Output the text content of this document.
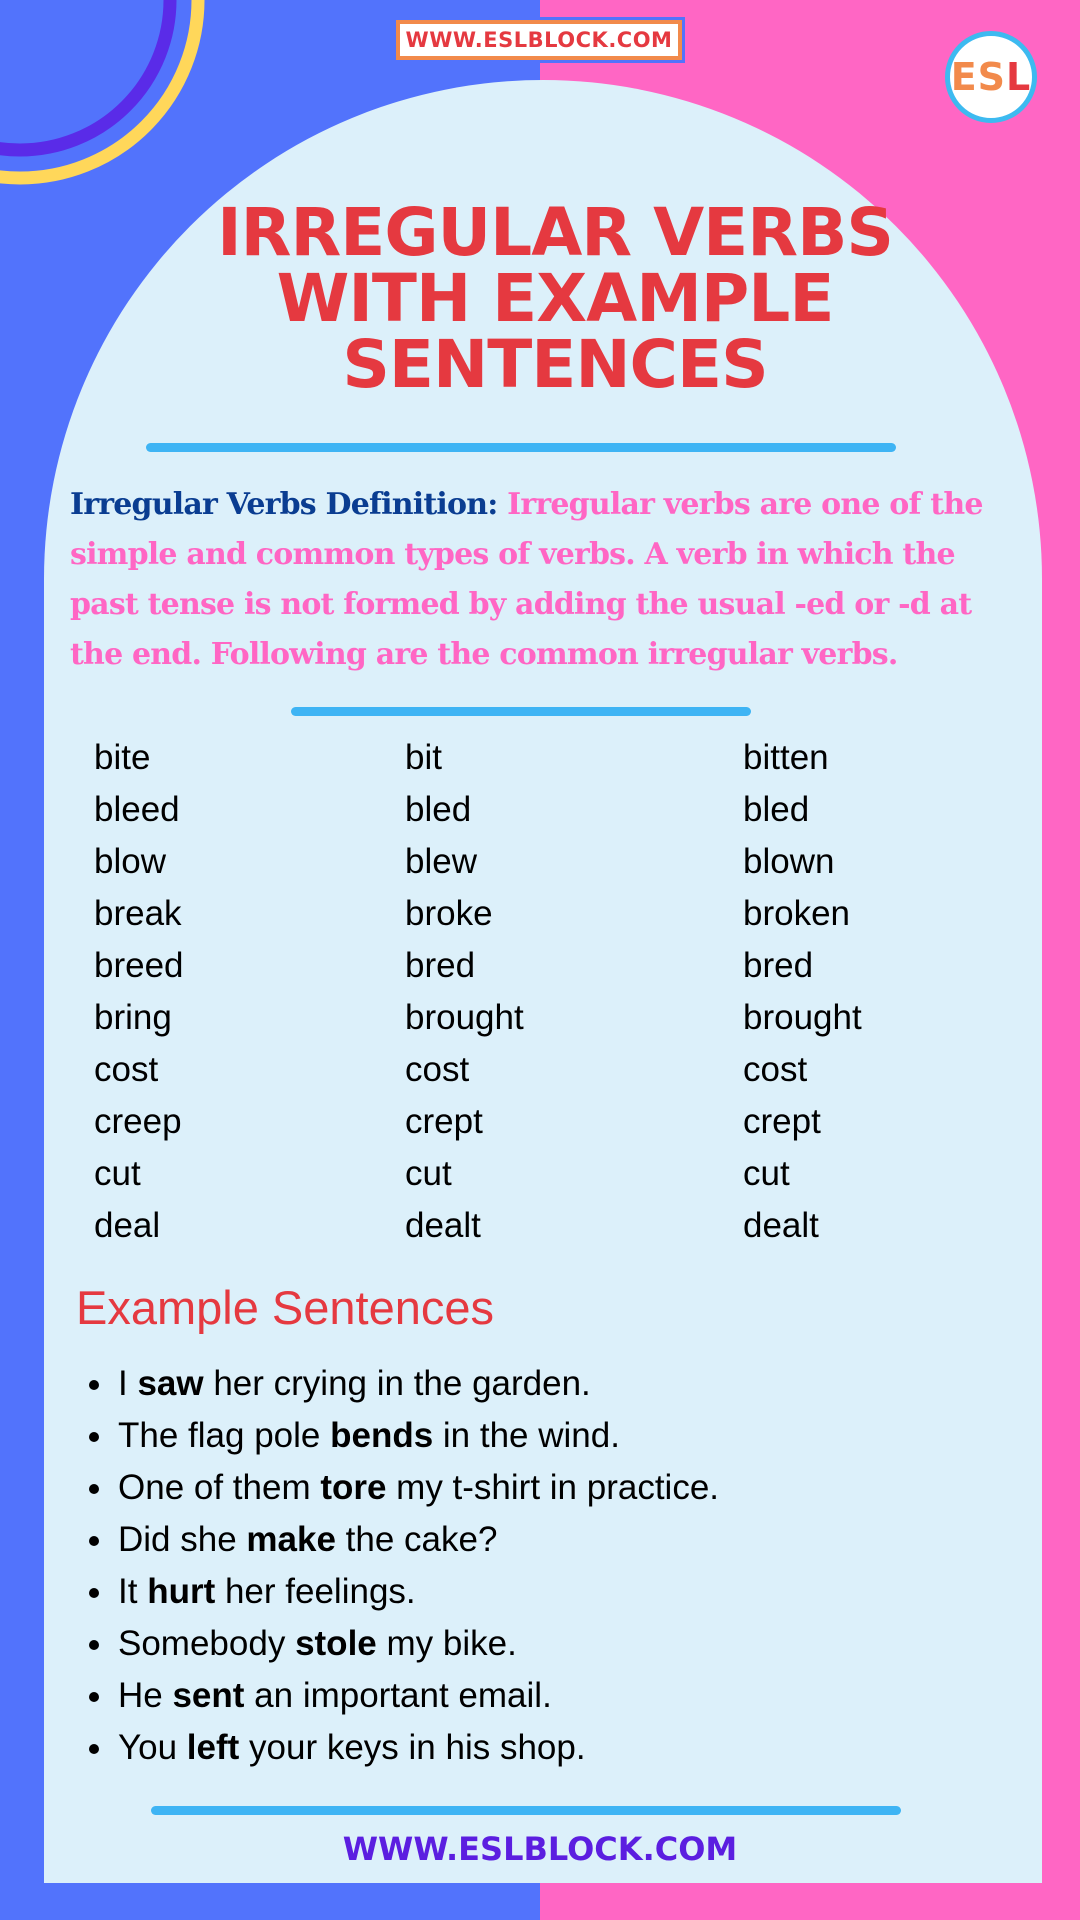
WWW.ESLBLOCK.COM
ES L
IRREGULAR VERBS
WITH EXAMPLE
SENTENCES
Irregular Verbs Definition: Irregular verbs are one of the simple and common types of verbs. A verb in which the past tense is not formed by adding the usual -ed or -d at the end. Following are the common irregular verbs.
bite	bit	bitten
bleed	bled	bled
blow	blew	blown
break	broke	broken
breed	bred	bred
bring	brought	brought
cost	cost	cost
creep	crept	crept
cut	cut	cut
deal	dealt	dealt
Example Sentences
• I saw her crying in the garden.
• The flag pole bends in the wind.
• One of them tore my t-shirt in practice.
• Did she make the cake?
• It hurt her feelings.
• Somebody stole my bike.
• He sent an important email.
• You left your keys in his shop.
WWW.ESLBLOCK.COM
